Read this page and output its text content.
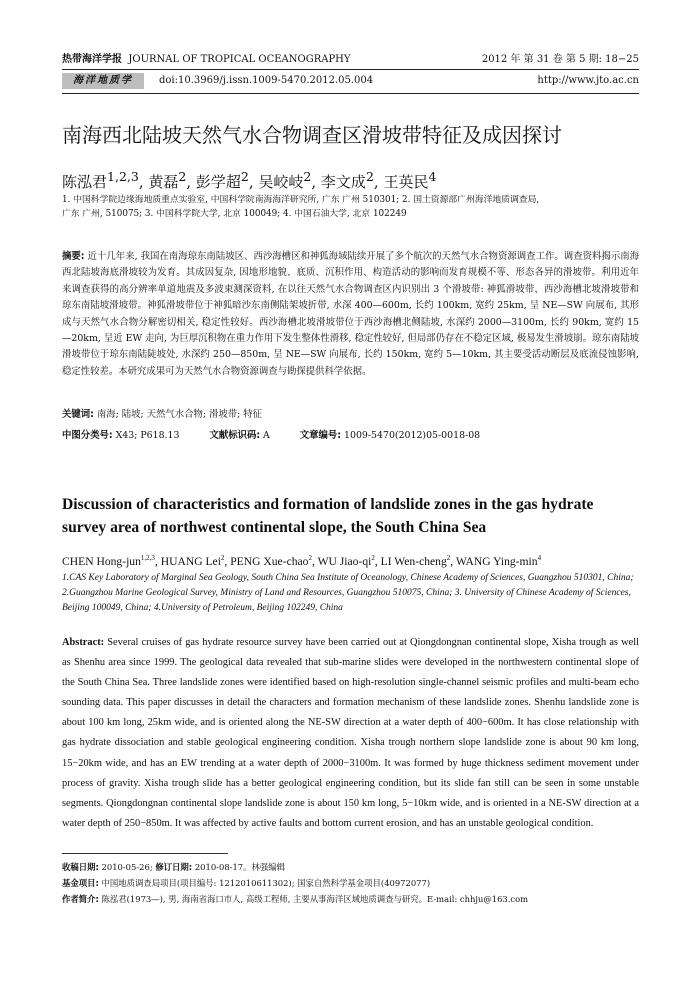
热带海洋学报 JOURNAL OF TROPICAL OCEANOGRAPHY	2012 年 第 31 卷 第 5 期: 18−25
海洋地质学	doi:10.3969/j.issn.1009-5470.2012.05.004	http://www.jto.ac.cn
南海西北陆坡天然气水合物调查区滑坡带特征及成因探讨
陈泓君$^{1,2,3}$, 黄磊$^2$, 彭学超$^2$, 吴峧岐$^2$, 李文成$^2$, 王英民$^4$
1. 中国科学院边缘海地质重点实验室, 中国科学院南海海洋研究所, 广东 广州 510301; 2. 国土资源部广州海洋地质调查局,
广东 广州, 510075; 3. 中国科学院大学, 北京 100049; 4. 中国石油大学, 北京 102249
摘要: 近十几年来, 我国在南海琼东南陆坡区、西沙海槽区和神狐海域陆续开展了多个航次的天然气水合物资源调查工作。调查资料揭示南海西北陆坡海底滑坡较为发育。其成因复杂, 因地形地貌、底质、沉积作用、构造活动的影响而发育规模不等、形态各异的滑坡带。利用近年来调查获得的高分辨率单道地震及多波束测深资料, 在以往天然气水合物调查区内识别出 3 个滑坡带: 神狐滑坡带、西沙海槽北坡滑坡带和琼东南陆坡滑坡带。神狐滑坡带位于神狐暗沙东南侧陆架坡折带, 水深 400—600m, 长约 100km, 宽约 25km, 呈 NE—SW 向展布, 其形成与天然气水合物分解密切相关, 稳定性较好。西沙海槽北坡滑坡带位于西沙海槽北侧陆坡, 水深约 2000—3100m, 长约 90km, 宽约 15—20km, 呈近 EW 走向, 为巨厚沉积物在重力作用下发生整体性滑移, 稳定性较好, 但局部仍存在不稳定区域, 极易发生滑坡崩。琼东南陆坡滑坡带位于琼东南陆陡坡处, 水深约 250—850m, 呈 NE—SW 向展布, 长约 150km, 宽约 5—10km, 其主要受活动断层及底流侵蚀影响, 稳定性较差。本研究成果可为天然气水合物资源调查与勘探提供科学依据。
关键词: 南海; 陆坡; 天然气水合物; 滑坡带; 特征
中图分类号: X43; P618.13	文献标识码: A	文章编号: 1009-5470(2012)05-0018-08
Discussion of characteristics and formation of landslide zones in the gas hydrate survey area of northwest continental slope, the South China Sea
CHEN Hong-jun$^{1,2,3}$, HUANG Lei$^2$, PENG Xue-chao$^2$, WU Jiao-$qi^2$, LI Wen-cheng$^2$, WANG Ying-$\min^4$
1.CAS Key Laboratory of Marginal Sea Geology, South China Sea Institute of Oceanology, Chinese Academy of Sciences, Guangzhou 510301, China; 2.Guangzhou Marine Geological Survey, Ministry of Land and Resources, Guangzhou 510075, China; 3. University of Chinese Academy of Sciences, Beijing 100049, China; 4.University of Petroleum, Beijing 102249, China
Abstract: Several cruises of gas hydrate resource survey have been carried out at Qiongdongnan continental slope, Xisha trough as well as Shenhu area since 1999. The geological data revealed that sub-marine slides were developed in the northwestern continental slope of the South China Sea. Three landslide zones were identified based on high-resolution single-channel seismic profiles and multi-beam echo sounding data. This paper discusses in detail the characters and formation mechanism of these landslide zones. Shenhu landslide zone is about 100 km long, 25km wide, and is oriented along the NE-SW direction at a water depth of 400−600m. It has close relationship with gas hydrate dissociation and stable geological engineering condition. Xisha trough northern slope landslide zone is about 90 km long, 15−20km wide, and has an EW trending at a water depth of 2000−3100m. It was formed by huge thickness sediment movement under process of gravity. Xisha trough slide has a better geological engineering condition, but its slide fan still can be seen in some unstable segments. Qiongdongnan continental slope landslide zone is about 150 km long, 5−10km wide, and is oriented in a NE-SW direction at a water depth of 250−850m. It was affected by active faults and bottom current erosion, and has an unstable geological condition.
收稿日期: 2010-05-26; 修订日期: 2010-08-17。林强编辑
基金项目: 中国地质调查局项目(项目编号: 1212010611302); 国家自然科学基金项目(40972077)
作者简介: 陈泓君(1973—), 男, 海南省海口市人, 高级工程师, 主要从事海洋区域地质调查与研究。E-mail: chhju@163.com
